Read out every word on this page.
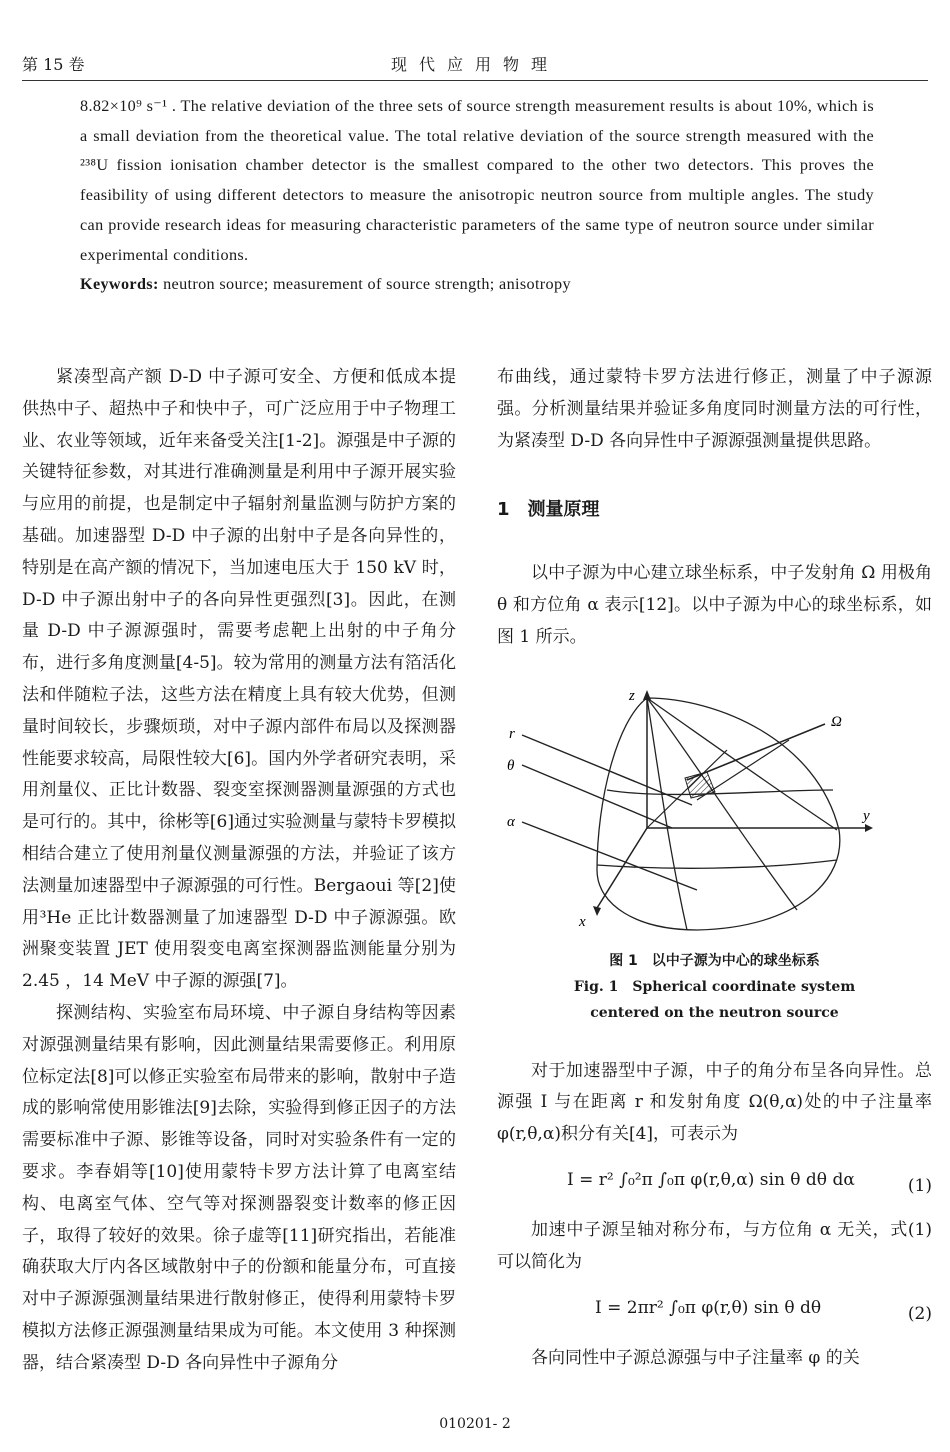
第 15 卷	现代应用物理

8.82×10⁹ s⁻¹ . The relative deviation of the three sets of source strength measurement results is about 10%, which is a small deviation from the theoretical value. The total relative deviation of the source strength measured with the ²³⁸U fission ionisation chamber detector is the smallest compared to the other two detectors. This proves the feasibility of using different detectors to measure the anisotropic neutron source from multiple angles. The study can provide research ideas for measuring characteristic parameters of the same type of neutron source under similar experimental conditions.

Keywords: neutron source; measurement of source strength; anisotropy

紧凑型高产额 D-D 中子源可安全、方便和低成本提供热中子、超热中子和快中子，可广泛应用于中子物理工业、农业等领域，近年来备受关注[1-2]。源强是中子源的关键特征参数，对其进行准确测量是利用中子源开展实验与应用的前提，也是制定中子辐射剂量监测与防护方案的基础。加速器型 D-D 中子源的出射中子是各向异性的，特别是在高产额的情况下，当加速电压大于 150 kV 时，D-D 中子源出射中子的各向异性更强烈[3]。因此，在测量 D-D 中子源源强时，需要考虑靶上出射的中子角分布，进行多角度测量[4-5]。较为常用的测量方法有箔活化法和伴随粒子法，这些方法在精度上具有较大优势，但测量时间较长，步骤烦琐，对中子源内部件布局以及探测器性能要求较高，局限性较大[6]。国内外学者研究表明，采用剂量仪、正比计数器、裂变室探测器测量源强的方式也是可行的。其中，徐彬等[6]通过实验测量与蒙特卡罗模拟相结合建立了使用剂量仪测量源强的方法，并验证了该方法测量加速器型中子源源强的可行性。Bergaoui 等[2]使用³He 正比计数器测量了加速器型 D-D 中子源源强。欧洲聚变装置 JET 使用裂变电离室探测器监测能量分别为 2.45 ，14 MeV 中子源的源强[7]。

探测结构、实验室布局环境、中子源自身结构等因素对源强测量结果有影响，因此测量结果需要修正。利用原位标定法[8]可以修正实验室布局带来的影响，散射中子造成的影响常使用影锥法[9]去除，实验得到修正因子的方法需要标准中子源、影锥等设备，同时对实验条件有一定的要求。李春娟等[10]使用蒙特卡罗方法计算了电离室结构、电离室气体、空气等对探测器裂变计数率的修正因子，取得了较好的效果。徐子虚等[11]研究指出，若能准确获取大厅内各区域散射中子的份额和能量分布，可直接对中子源源强测量结果进行散射修正，使得利用蒙特卡罗模拟方法修正源强测量结果成为可能。本文使用 3 种探测器，结合紧凑型 D-D 各向异性中子源角分

布曲线，通过蒙特卡罗方法进行修正，测量了中子源源强。分析测量结果并验证多角度同时测量方法的可行性，为紧凑型 D-D 各向异性中子源源强测量提供思路。

1　测量原理

以中子源为中心建立球坐标系，中子发射角 Ω 用极角 θ 和方位角 α 表示[12]。以中子源为中心的球坐标系，如图 1 所示。

z
r
θ
α
Ω
y
x
图 1　以中子源为中心的球坐标系
Fig. 1　Spherical coordinate system
centered on the neutron source

对于加速器型中子源，中子的角分布呈各向异性。总源强 I 与在距离 r 和发射角度 Ω(θ,α)处的中子注量率 φ(r,θ,α)积分有关[4]，可表示为

I = r² ∫₀²π ∫₀π φ(r,θ,α) sin θ dθ dα	(1)

加速中子源呈轴对称分布，与方位角 α 无关，式(1)可以简化为

I = 2πr² ∫₀π φ(r,θ) sin θ dθ	(2)

各向同性中子源总源强与中子注量率 φ 的关

010201- 2
